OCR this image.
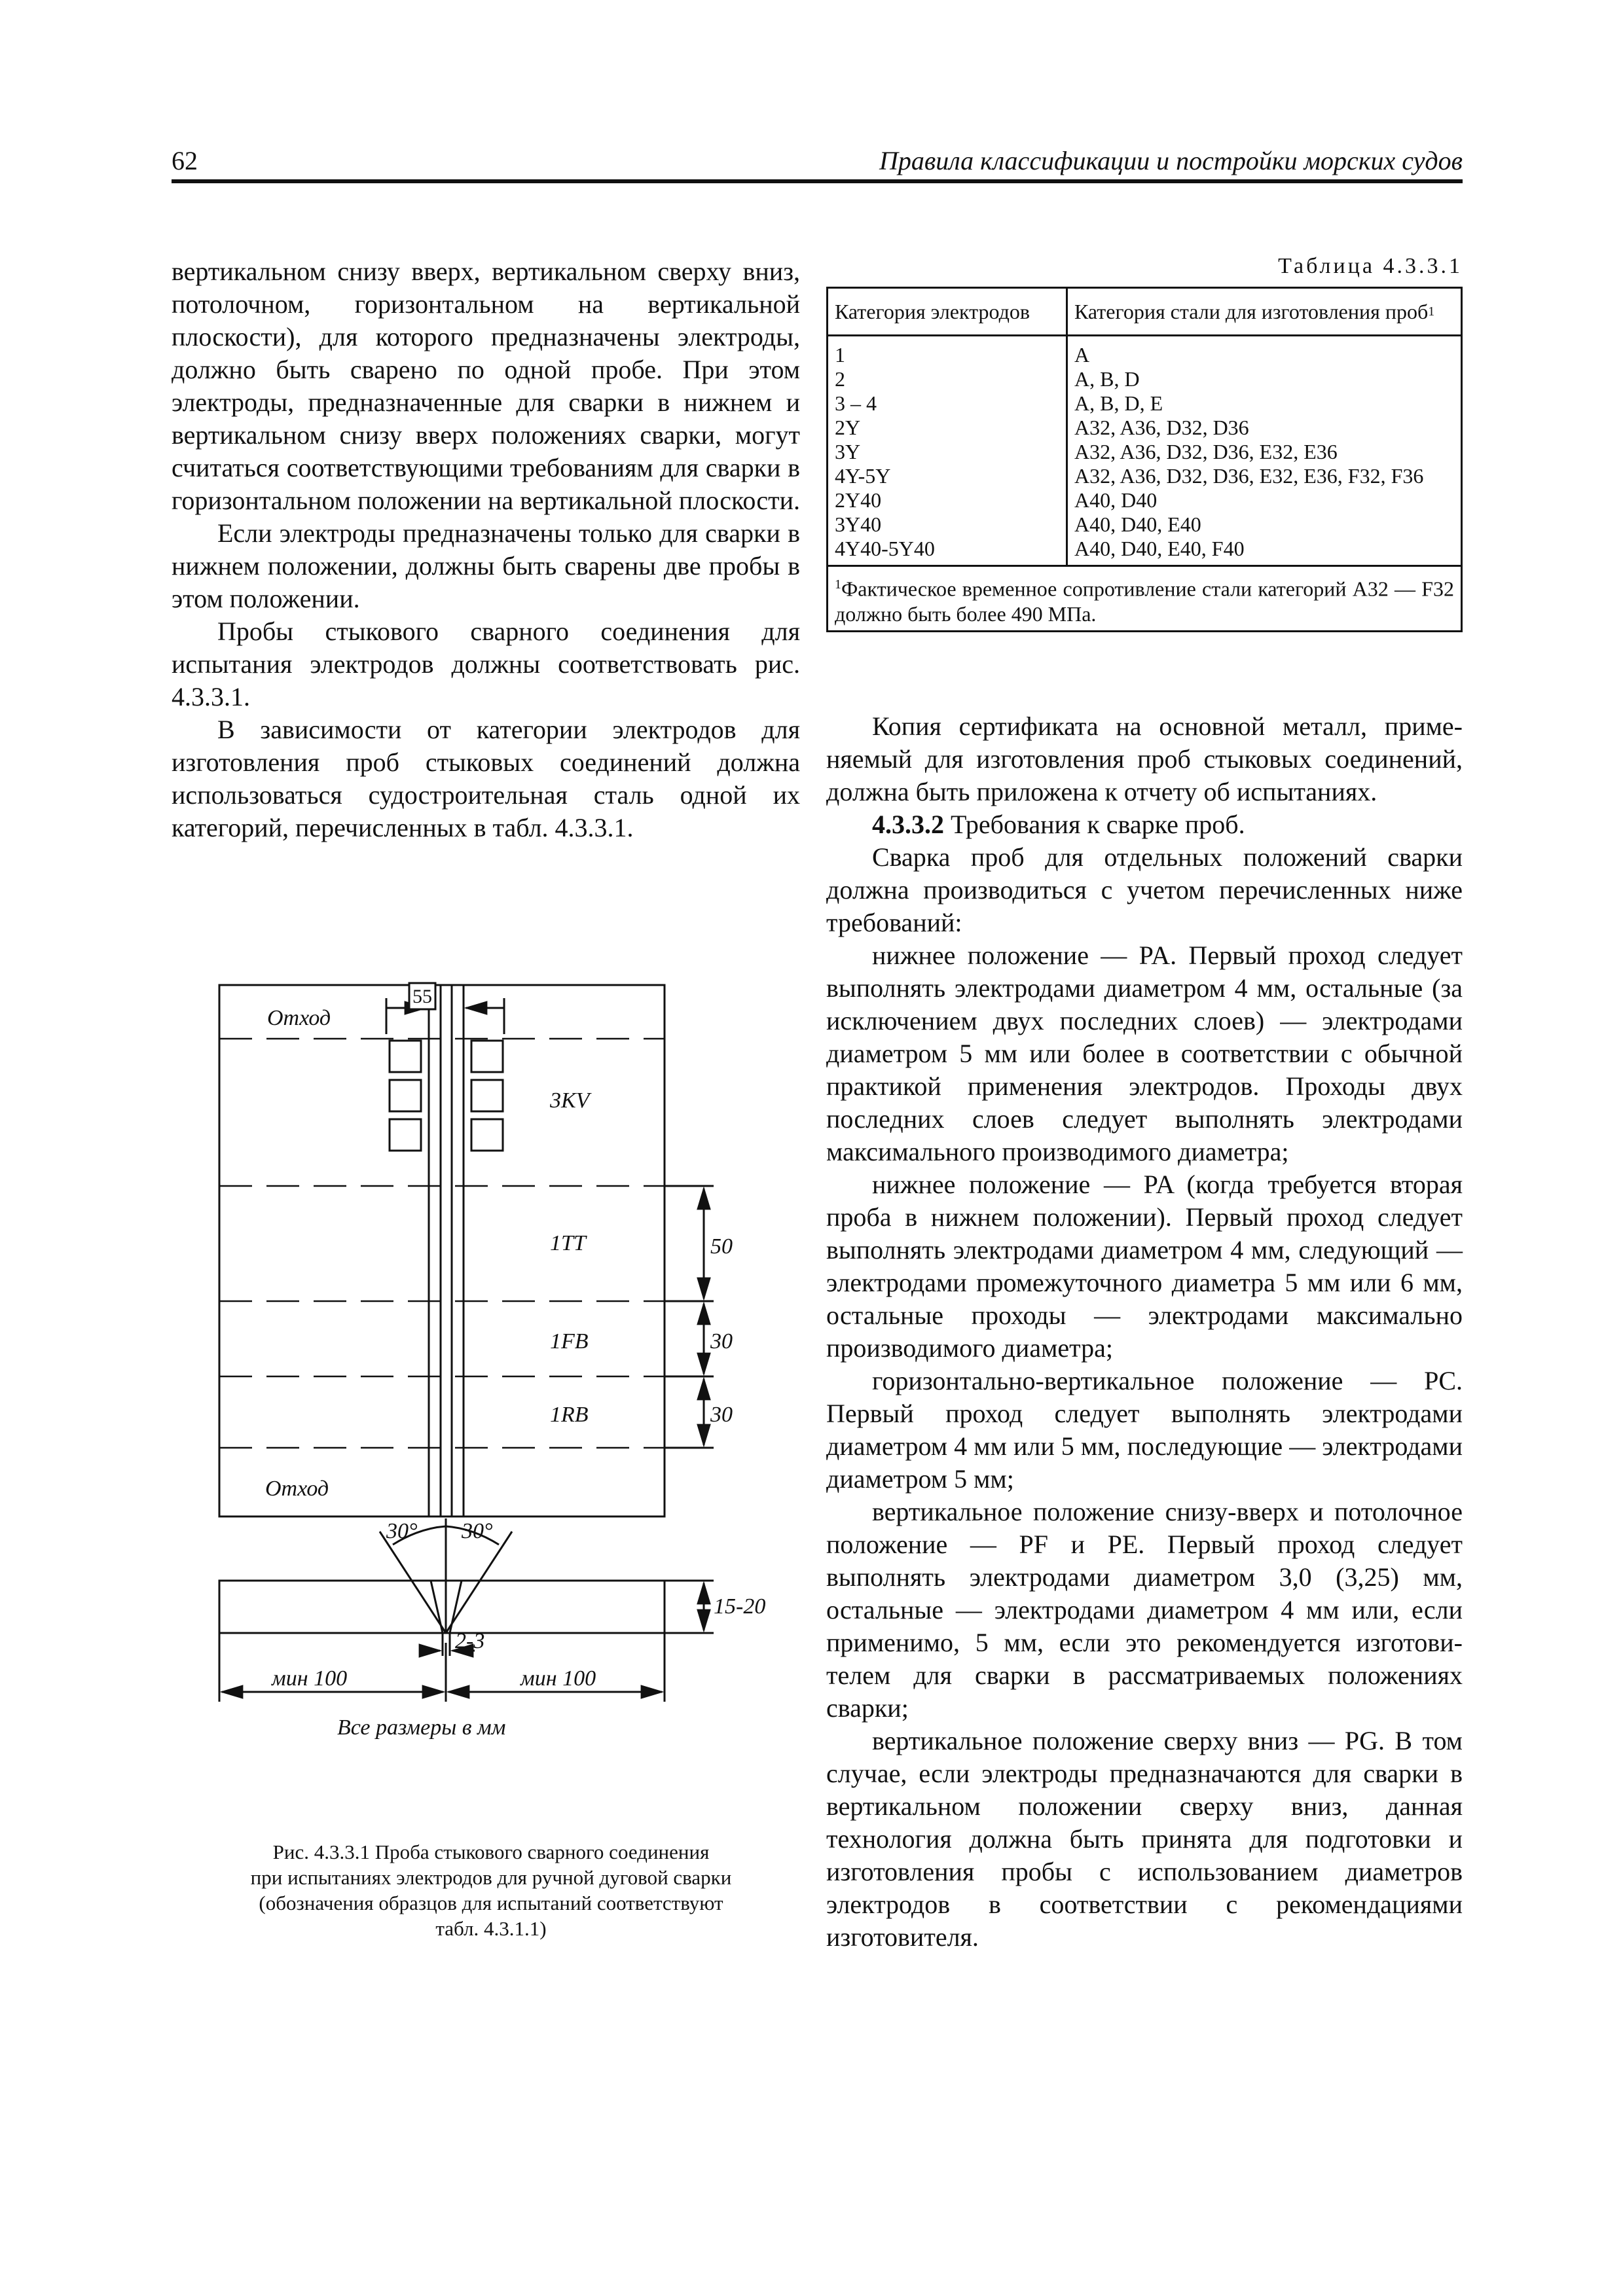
62	Правила классификации и постройки морских судов

вертикальном снизу вверх, вертикальном сверху вниз, потолочном, горизонтальном на вертикальной плоскости), для которого предназначены электроды, должно быть сварено по одной пробе. При этом электроды, предназначенные для сварки в нижнем и вертикальном снизу вверх положениях сварки, могут считаться соответствующими требованиям для сварки в горизонтальном положении на вертикальной плоскости.

Если электроды предназначены только для сварки в нижнем положении, должны быть сварены две пробы в этом положении.

Пробы стыкового сварного соединения для испытания электродов должны соответствовать рис. 4.3.3.1.

В зависимости от категории электродов для изготовления проб стыковых соединений должна использоваться судостроительная сталь одной их категорий, перечисленных в табл. 4.3.3.1.

Таблица 4.3.3.1
Категория электродов Категория стали для изготовления проб 1
1
2
3 – 4
2Y
3Y
4Y-5Y
2Y40
3Y40
4Y40-5Y40
A
A, B, D
A, B, D, E
A32, A36, D32, D36
A32, A36, D32, D36, E32, E36
A32, A36, D32, D36, E32, E36, F32, F36
A40, D40
A40, D40, E40
A40, D40, E40, F40
$^1$Фактическое временное сопротивление стали категорий A32 — F32 должно быть более 490 МПа.

Копия сертификата на основной металл, применяемый для изготовления проб стыковых соединений, должна быть приложена к отчету об испытаниях.

4.3.3.2 Требования к сварке проб.

Сварка проб для отдельных положений сварки должна производиться с учетом перечисленных ниже требований:

нижнее положение — PA. Первый проход следует выполнять электродами диаметром 4 мм, остальные (за исключением двух последних слоев) — электродами диаметром 5 мм или более в соответствии с обычной практикой применения электродов. Проходы двух последних слоев следует выполнять электродами максимального производимого диаметра;

нижнее положение — PA (когда требуется вторая проба в нижнем положении). Первый проход следует выполнять электродами диаметром 4 мм, следующий — электродами промежуточного диаметра 5 мм или 6 мм, остальные проходы — электродами максимально производимого диаметра;

горизонтально-вертикальное положение — PC. Первый проход следует выполнять электродами диаметром 4 мм или 5 мм, последующие — электродами диаметром 5 мм;

вертикальное положение снизу-вверх и потолочное положение — PF и PE. Первый проход следует выполнять электродами диаметром 3,0 (3,25) мм, остальные — электродами диаметром 4 мм или, если применимо, 5 мм, если это рекомендуется изготовителем для сварки в рассматриваемых положениях сварки;

вертикальное положение сверху вниз — PG. В том случае, если электроды предназначаются для сварки в вертикальном положении сверху вниз, данная технология должна быть принята для подготовки и изготовления пробы с использованием диаметров электродов в соответствии с рекомендациями изготовителя.

Отход
55
3KV
1TT
1FB
1RB
50
30
30
Отход
30° 30°
15-20
2-3
мин 100	мин 100
Все размеры в мм
Рис. 4.3.3.1 Проба стыкового сварного соединения
при испытаниях электродов для ручной дуговой сварки
(обозначения образцов для испытаний соответствуют
табл. 4.3.1.1)
